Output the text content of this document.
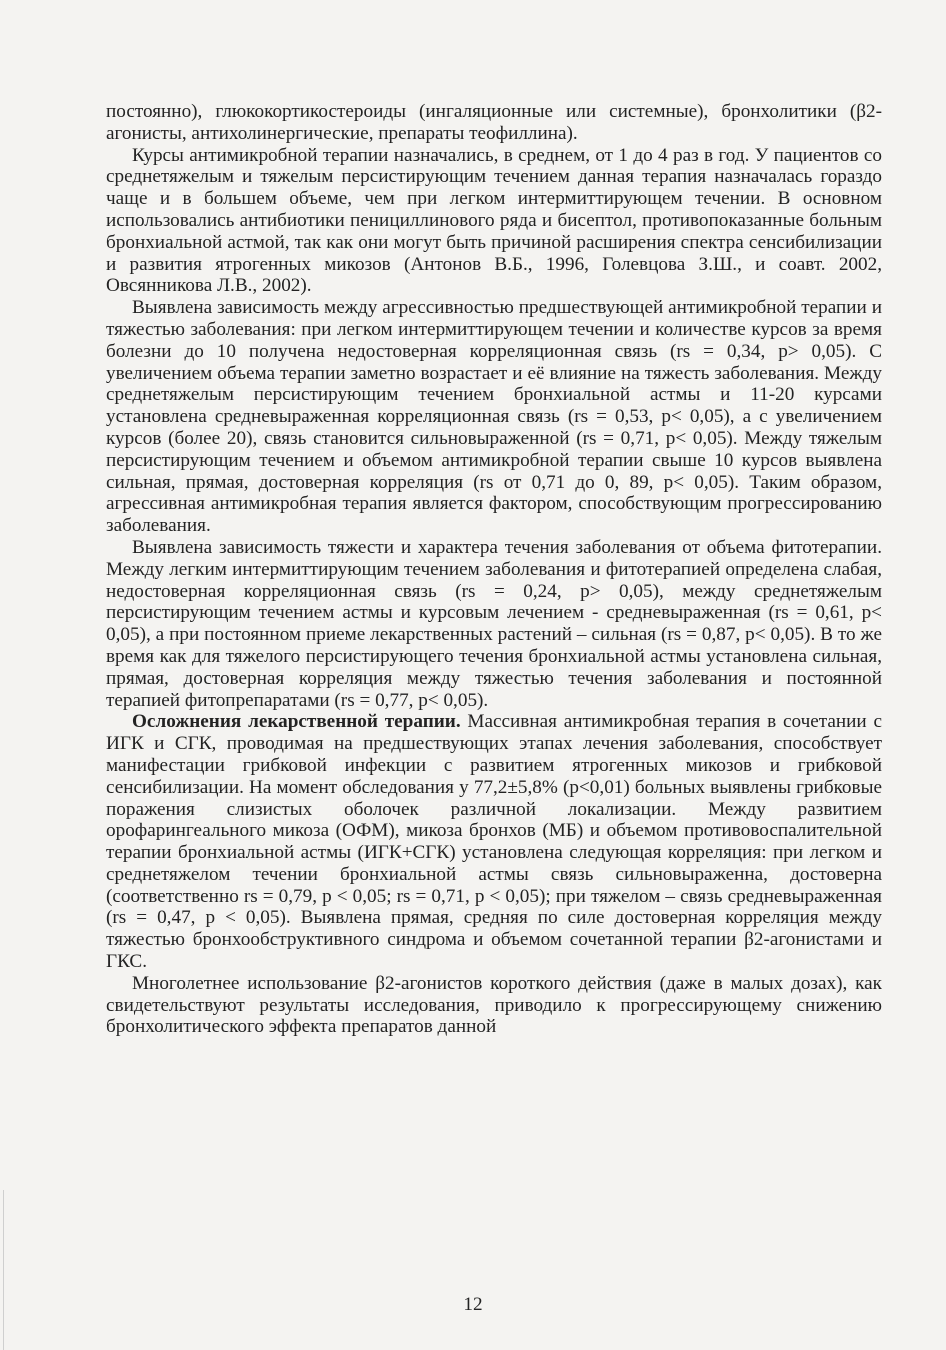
постоянно), глюкокортикостероиды (ингаляционные или системные), бронхолитики (β2-агонисты, антихолинергические, препараты теофиллина).

Курсы антимикробной терапии назначались, в среднем, от 1 до 4 раз в год. У пациентов со среднетяжелым и тяжелым персистирующим течением данная терапия назначалась гораздо чаще и в большем объеме, чем при легком интермиттирующем течении. В основном использовались антибиотики пенициллинового ряда и бисептол, противопоказанные больным бронхиальной астмой, так как они могут быть причиной расширения спектра сенсибилизации и развития ятрогенных микозов (Антонов В.Б., 1996, Голевцова З.Ш., и соавт. 2002, Овсянникова Л.В., 2002).

Выявлена зависимость между агрессивностью предшествующей антимикробной терапии и тяжестью заболевания: при легком интермиттирующем течении и количестве курсов за время болезни до 10 получена недостоверная корреляционная связь (rs = 0,34, p> 0,05). С увеличением объема терапии заметно возрастает и её влияние на тяжесть заболевания. Между среднетяжелым персистирующим течением бронхиальной астмы и 11-20 курсами установлена средневыраженная корреляционная связь (rs = 0,53, p< 0,05), а с увеличением курсов (более 20), связь становится сильновыраженной (rs = 0,71, p< 0,05). Между тяжелым персистирующим течением и объемом антимикробной терапии свыше 10 курсов выявлена сильная, прямая, достоверная корреляция (rs от 0,71 до 0, 89, p< 0,05). Таким образом, агрессивная антимикробная терапия является фактором, способствующим прогрессированию заболевания.

Выявлена зависимость тяжести и характера течения заболевания от объема фитотерапии. Между легким интермиттирующим течением заболевания и фитотерапией определена слабая, недостоверная корреляционная связь (rs = 0,24, p> 0,05), между среднетяжелым персистирующим течением астмы и курсовым лечением - средневыраженная (rs = 0,61, p< 0,05), а при постоянном приеме лекарственных растений – сильная (rs = 0,87, p< 0,05). В то же время как для тяжелого персистирующего течения бронхиальной астмы установлена сильная, прямая, достоверная корреляция между тяжестью течения заболевания и постоянной терапией фитопрепаратами (rs = 0,77, p< 0,05).

Осложнения лекарственной терапии. Массивная антимикробная терапия в сочетании с ИГК и СГК, проводимая на предшествующих этапах лечения заболевания, способствует манифестации грибковой инфекции с развитием ятрогенных микозов и грибковой сенсибилизации. На момент обследования у 77,2±5,8% (p<0,01) больных выявлены грибковые поражения слизистых оболочек различной локализации. Между развитием орофарингеального микоза (ОФМ), микоза бронхов (МБ) и объемом противовоспалительной терапии бронхиальной астмы (ИГК+СГК) установлена следующая корреляция: при легком и среднетяжелом течении бронхиальной астмы связь сильновыраженна, достоверна (соответственно rs = 0,79, p < 0,05; rs = 0,71, p < 0,05); при тяжелом – связь средневыраженная (rs = 0,47, p < 0,05). Выявлена прямая, средняя по силе достоверная корреляция между тяжестью бронхообструктивного синдрома и объемом сочетанной терапии β2-агонистами и ГКС.

Многолетнее использование β2-агонистов короткого действия (даже в малых дозах), как свидетельствуют результаты исследования, приводило к прогрессирующему снижению бронхолитического эффекта препаратов данной

12
